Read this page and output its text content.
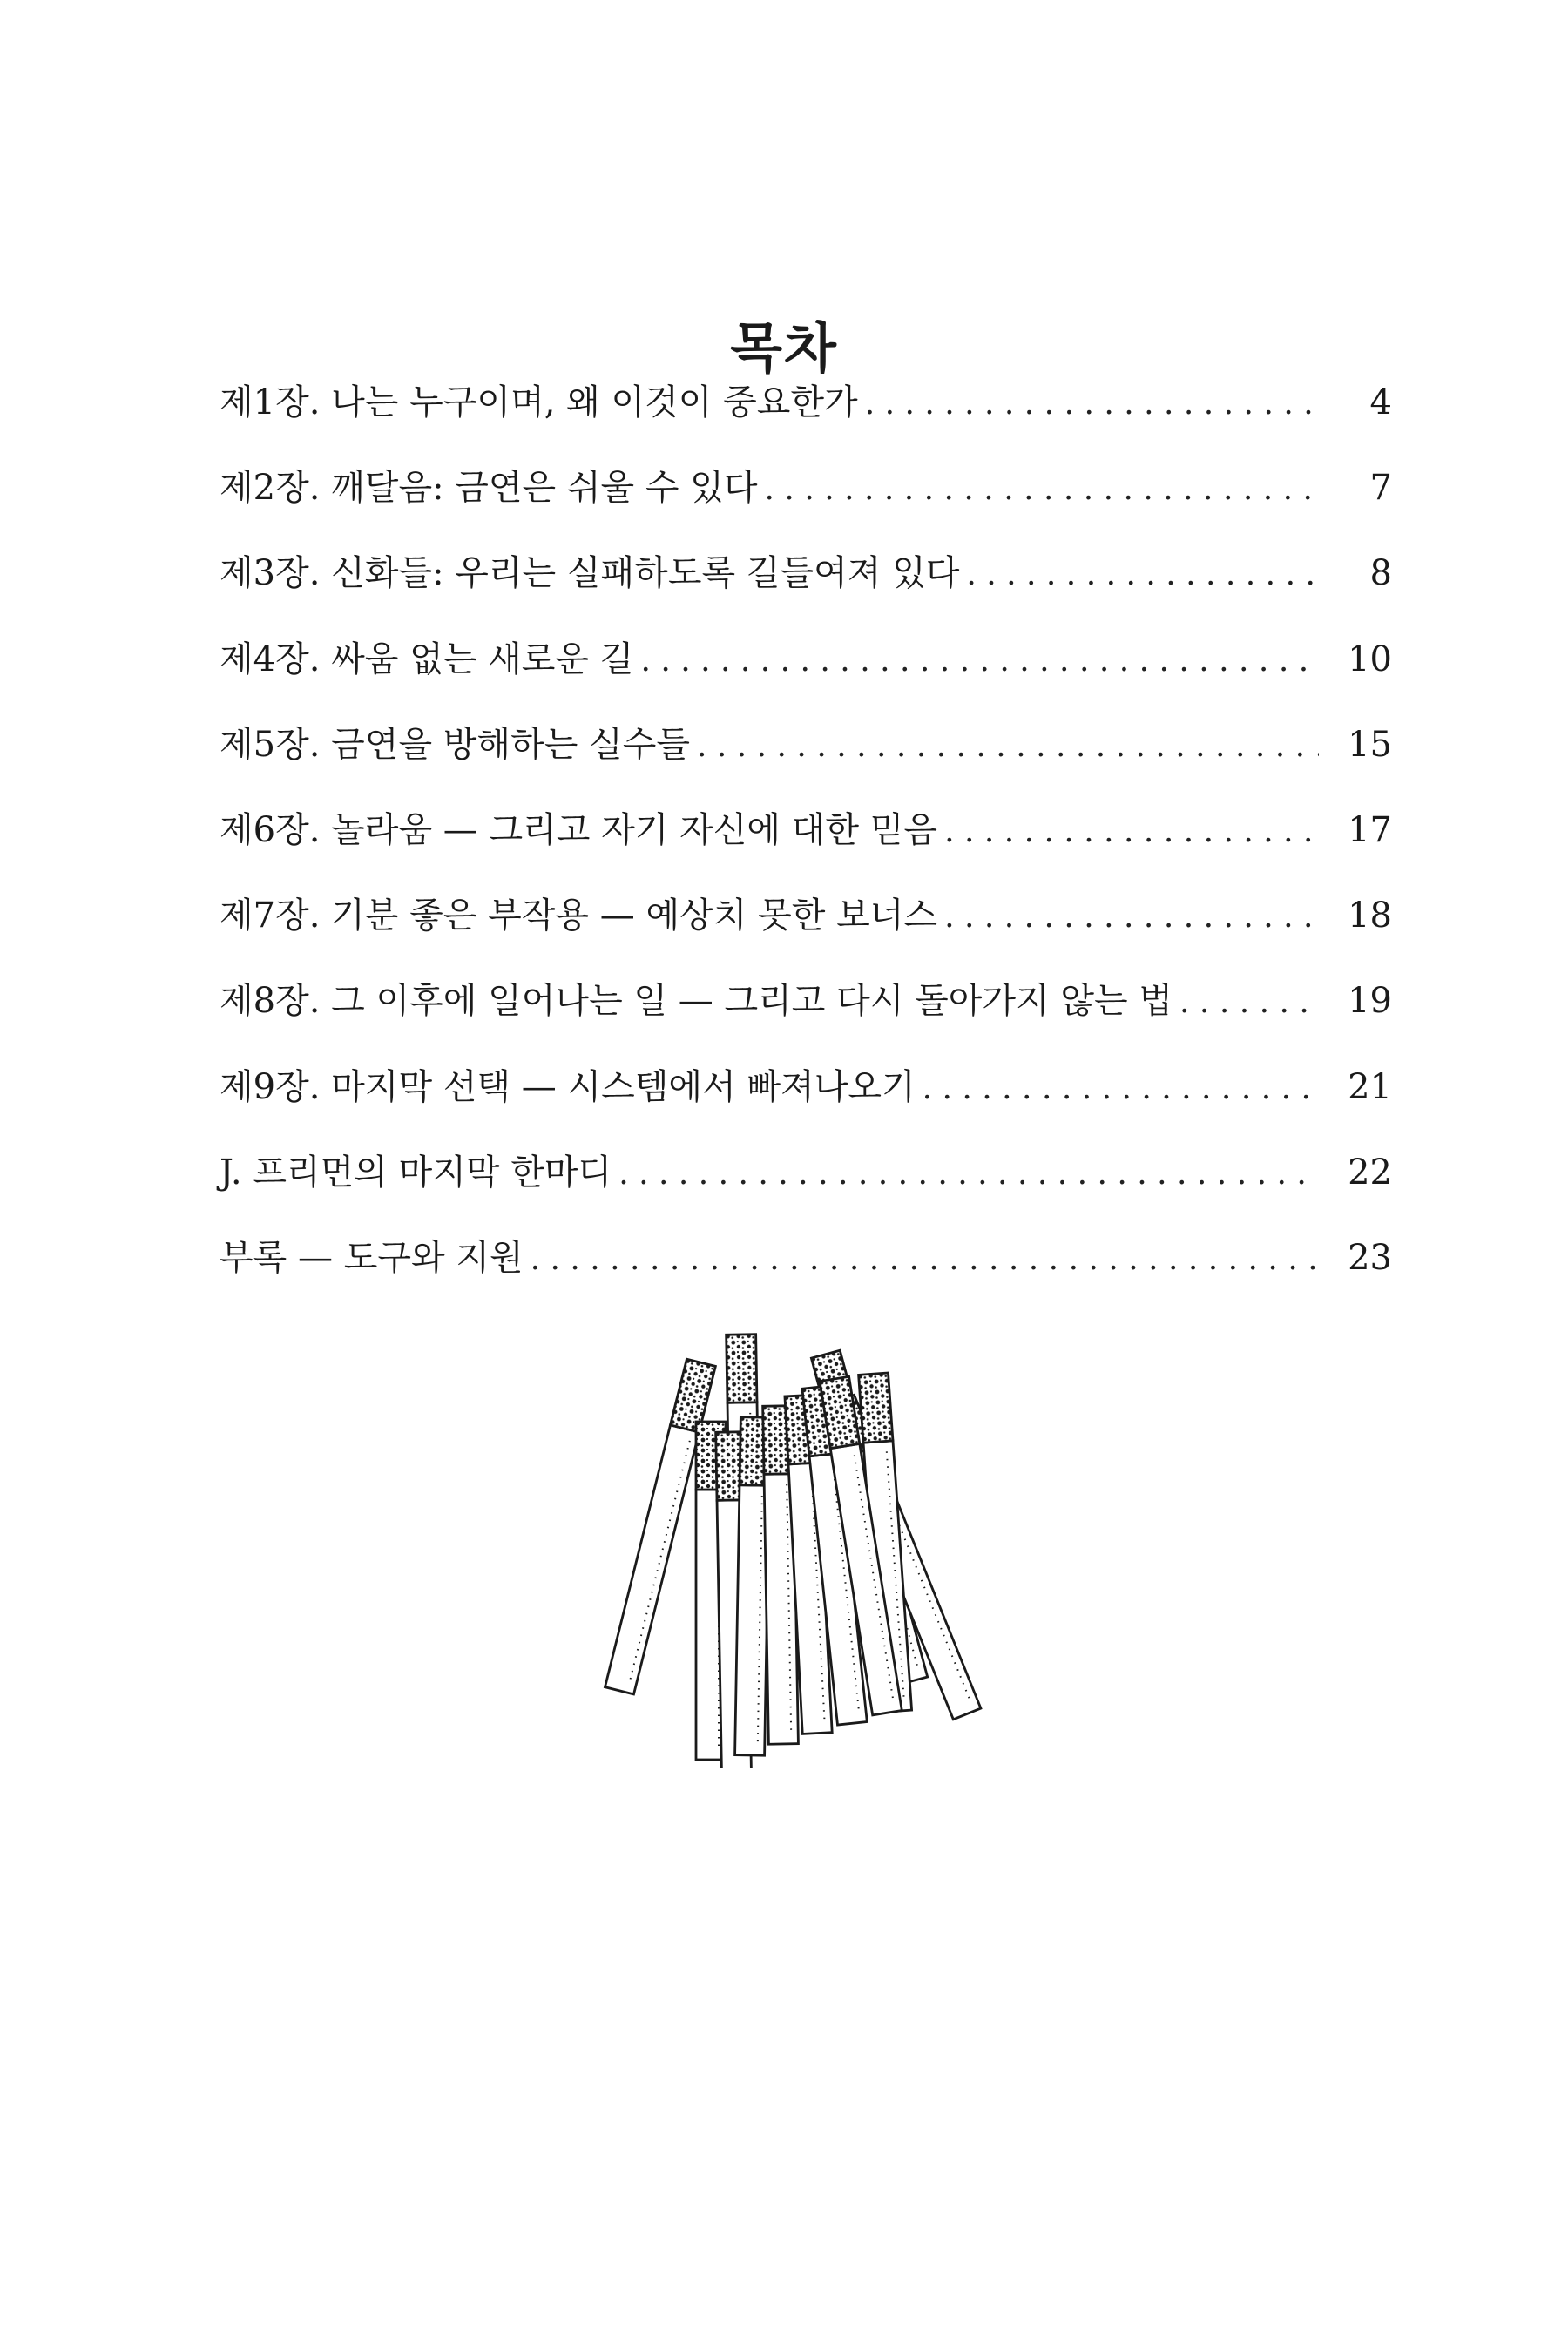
목차
제1장. 나는 누구이며, 왜 이것이 중요한가 . . .	4
제2장. 깨달음: 금연은 쉬울 수 있다 . . .	7
제3장. 신화들: 우리는 실패하도록 길들여져 있다 . . .	8
제4장. 싸움 없는 새로운 길 . . .	10
제5장. 금연을 방해하는 실수들 . . .	15
제6장. 놀라움 — 그리고 자기 자신에 대한 믿음 . . .	17
제7장. 기분 좋은 부작용 — 예상치 못한 보너스 . . .	18
제8장. 그 이후에 일어나는 일 — 그리고 다시 돌아가지 않는 법 . . .	19
제9장. 마지막 선택 — 시스템에서 빠져나오기 . . .	21
J. 프리먼의 마지막 한마디 . . .	22
부록 — 도구와 지원 . . .	23
